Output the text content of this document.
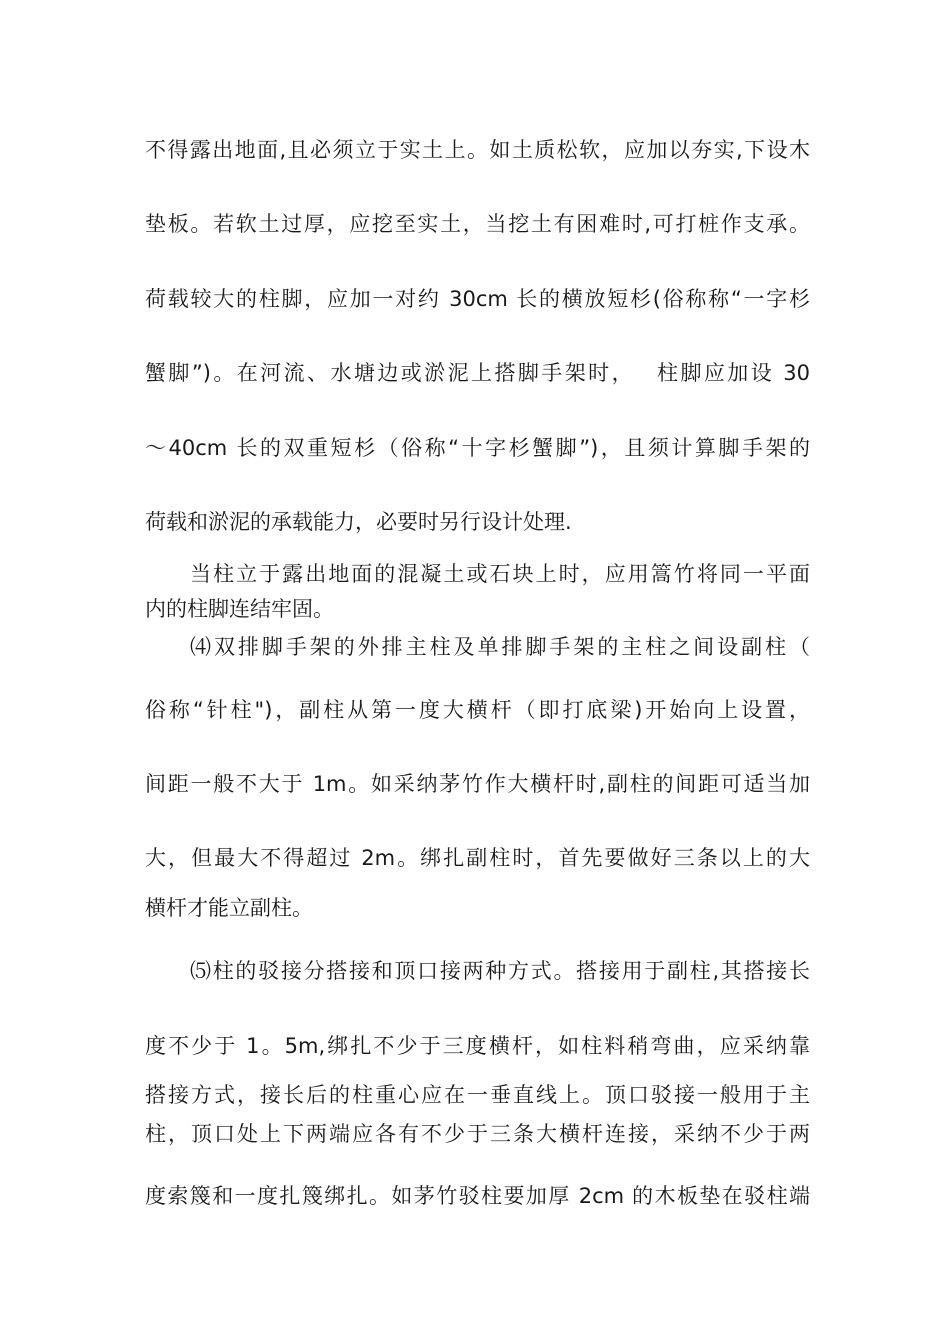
不得露出地面,且必须立于实土上。如土质松软，应加以夯实,下设木
垫板。若软土过厚，应挖至实土，当挖土有困难时,可打桩作支承。
荷载较大的柱脚，应加一对约 30cm 长的横放短杉(俗称称“一字杉
蟹脚”)。在河流、水塘边或淤泥上搭脚手架时，　 柱脚应加设 30
～40cm 长的双重短杉（俗称“十字杉蟹脚”)，且须计算脚手架的
荷载和淤泥的承载能力，必要时另行设计处理.
当柱立于露出地面的混凝土或石块上时，应用篙竹将同一平面
内的柱脚连结牢固。
⑷双排脚手架的外排主柱及单排脚手架的主柱之间设副柱（
俗称“针柱")，副柱从第一度大横杆（即打底梁)开始向上设置，
间距一般不大于 1m。如采纳茅竹作大横杆时,副柱的间距可适当加
大，但最大不得超过 2m。绑扎副柱时，首先要做好三条以上的大
横杆才能立副柱。
⑸柱的驳接分搭接和顶口接两种方式。搭接用于副柱,其搭接长
度不少于 1。5m,绑扎不少于三度横杆，如柱料稍弯曲，应采纳靠
搭接方式，接长后的柱重心应在一垂直线上。顶口驳接一般用于主
柱，顶口处上下两端应各有不少于三条大横杆连接，采纳不少于两
度索篾和一度扎篾绑扎。如茅竹驳柱要加厚 2cm 的木板垫在驳柱端
